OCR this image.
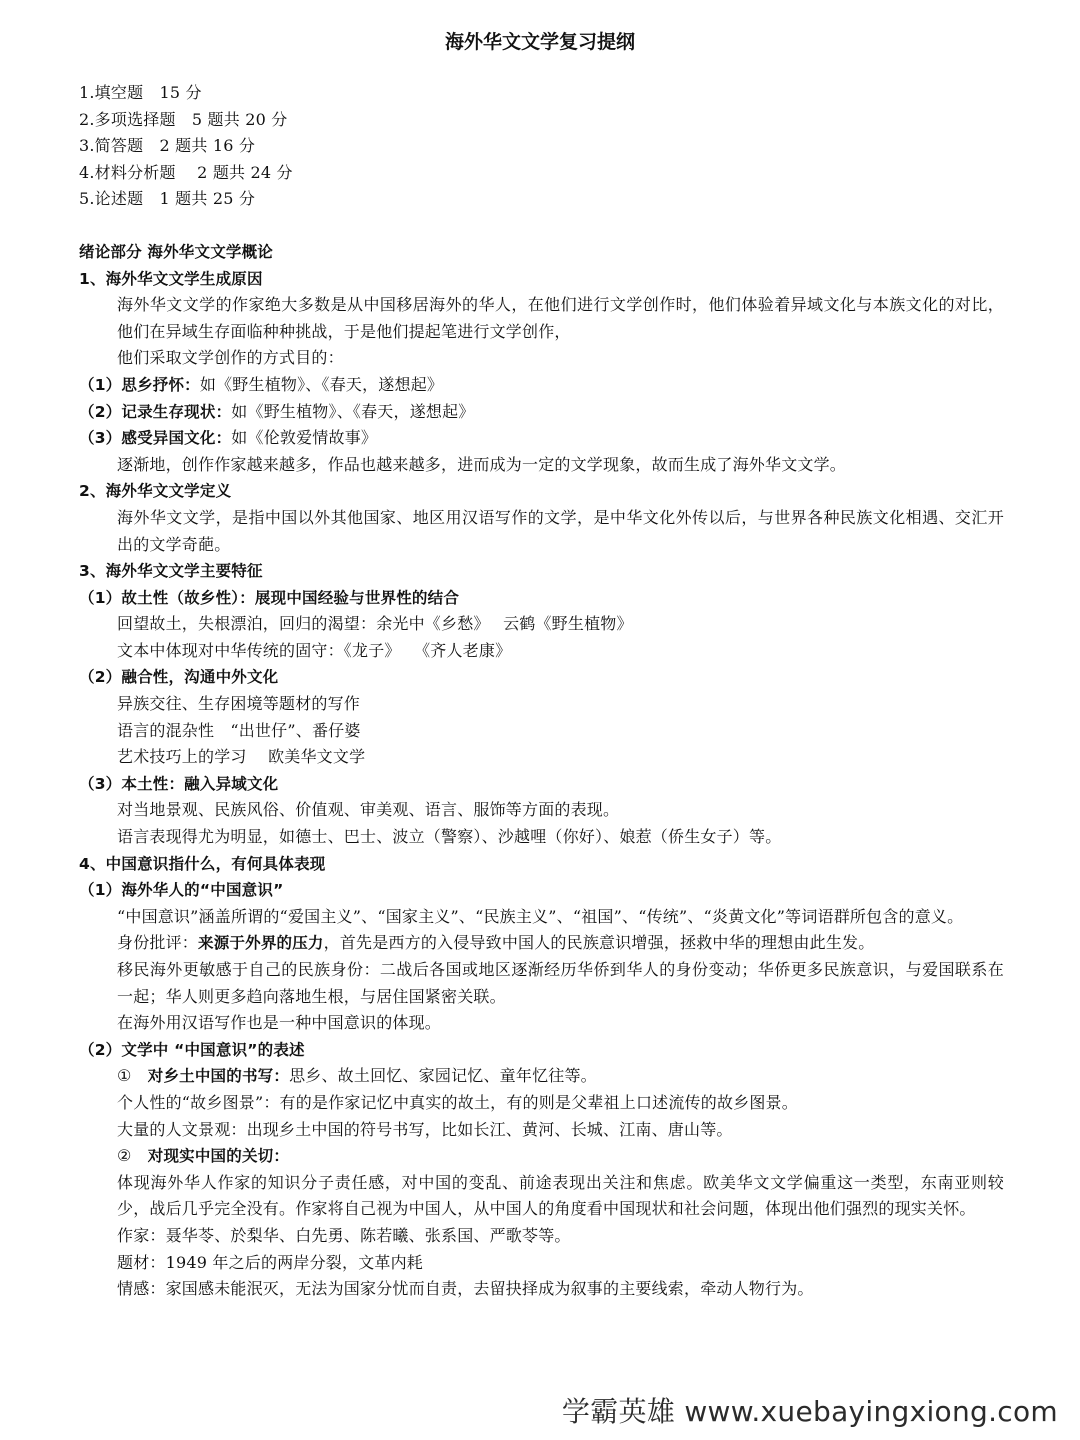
海外华文文学复习提纲
1.填空题　15 分
2.多项选择题　5 题共 20 分
3.简答题　2 题共 16 分
4.材料分析题　 2 题共 24 分
5.论述题　1 题共 25 分
绪论部分 海外华文文学概论
1、海外华文文学生成原因
海外华文文学的作家绝大多数是从中国移居海外的华人，在他们进行文学创作时，他们体验着异域文化与本族文化的对比，他们在异域生存面临种种挑战，于是他们提起笔进行文学创作，
他们采取文学创作的方式目的：
（1）思乡抒怀：如《野生植物》、《春天，遂想起》
（2）记录生存现状：如《野生植物》、《春天，遂想起》
（3）感受异国文化：如《伦敦爱情故事》
逐渐地，创作作家越来越多，作品也越来越多，进而成为一定的文学现象，故而生成了海外华文文学。
2、海外华文文学定义
海外华文文学，是指中国以外其他国家、地区用汉语写作的文学，是中华文化外传以后，与世界各种民族文化相遇、交汇开出的文学奇葩。
3、海外华文文学主要特征
（1）故土性（故乡性）：展现中国经验与世界性的结合
回望故土，失根漂泊，回归的渴望：余光中《乡愁》　 云鹤《野生植物》
文本中体现对中华传统的固守：《龙子》　 《齐人老康》
（2）融合性，沟通中外文化
异族交往、生存困境等题材的写作
语言的混杂性　“出世仔”、番仔婆
艺术技巧上的学习　 欧美华文文学
（3）本土性：融入异域文化
对当地景观、民族风俗、价值观、审美观、语言、服饰等方面的表现。
语言表现得尤为明显，如德士、巴士、波立（警察）、沙越哩（你好）、娘惹（侨生女子）等。
4、中国意识指什么，有何具体表现
（1）海外华人的“中国意识”
“中国意识”涵盖所谓的“爱国主义”、“国家主义”、“民族主义”、“祖国”、“传统”、“炎黄文化”等词语群所包含的意义。
身份批评：来源于外界的压力，首先是西方的入侵导致中国人的民族意识增强，拯救中华的理想由此生发。
移民海外更敏感于自己的民族身份：二战后各国或地区逐渐经历华侨到华人的身份变动；华侨更多民族意识，与爱国联系在一起；华人则更多趋向落地生根，与居住国紧密关联。
在海外用汉语写作也是一种中国意识的体现。
（2）文学中 “中国意识”的表述
①　 对乡土中国的书写：思乡、故土回忆、家园记忆、童年忆往等。
个人性的“故乡图景”：有的是作家记忆中真实的故土，有的则是父辈祖上口述流传的故乡图景。
大量的人文景观：出现乡土中国的符号书写，比如长江、黄河、长城、江南、唐山等。
②　 对现实中国的关切：
体现海外华人作家的知识分子责任感，对中国的变乱、前途表现出关注和焦虑。欧美华文文学偏重这一类型，东南亚则较少，战后几乎完全没有。作家将自己视为中国人，从中国人的角度看中国现状和社会问题，体现出他们强烈的现实关怀。
作家：聂华苓、於梨华、白先勇、陈若曦、张系国、严歌苓等。
题材：1949 年之后的两岸分裂，文革内耗
情感：家国感未能泯灭，无法为国家分忧而自责，去留抉择成为叙事的主要线索，牵动人物行为。
学霸英雄 www.xuebayingxiong.com
